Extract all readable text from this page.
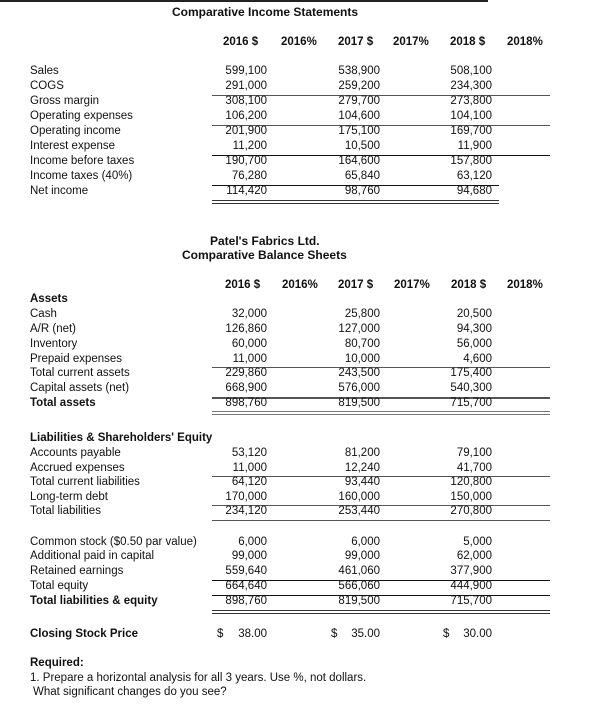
Comparative Income Statements
2016 $ 2016% 2017 $ 2017% 2018 $ 2018%
Sales	599,100	538,900	508,100
COGS	291,000	259,200	234,300
Gross margin	308,100	279,700	273,800
Operating expenses	106,200	104,600	104,100
Operating income	201,900	175,100	169,700
Interest expense	11,200	10,500	11,900
Income before taxes	190,700	164,600	157,800
Income taxes (40%)	76,280	65,840	63,120
Net income	114,420	98,760	94,680
Patel's Fabrics Ltd.
Comparative Balance Sheets
2016 $ 2016% 2017 $ 2017% 2018 $ 2018%
Assets
Cash	32,000	25,800	20,500
A/R (net)	126,860	127,000	94,300
Inventory	60,000	80,700	56,000
Prepaid expenses	11,000	10,000	4,600
Total current assets	229,860	243,500	175,400
Capital assets (net)	668,900	576,000	540,300
Total assets	898,760	819,500	715,700
Liabilities & Shareholders' Equity
Accounts payable	53,120	81,200	79,100
Accrued expenses	11,000	12,240	41,700
Total current liabilities	64,120	93,440	120,800
Long-term debt	170,000	160,000	150,000
Total liabilities	234,120	253,440	270,800
Common stock ($0.50 par value)	6,000	6,000	5,000
Additional paid in capital	99,000	99,000	62,000
Retained earnings	559,640	461,060	377,900
Total equity	664,640	566,060	444,900
Total liabilities & equity	898,760	819,500	715,700
Closing Stock Price	$	38.00	$	35.00	$	30.00
Required:
1. Prepare a horizontal analysis for all 3 years. Use %, not dollars.
What significant changes do you see?
